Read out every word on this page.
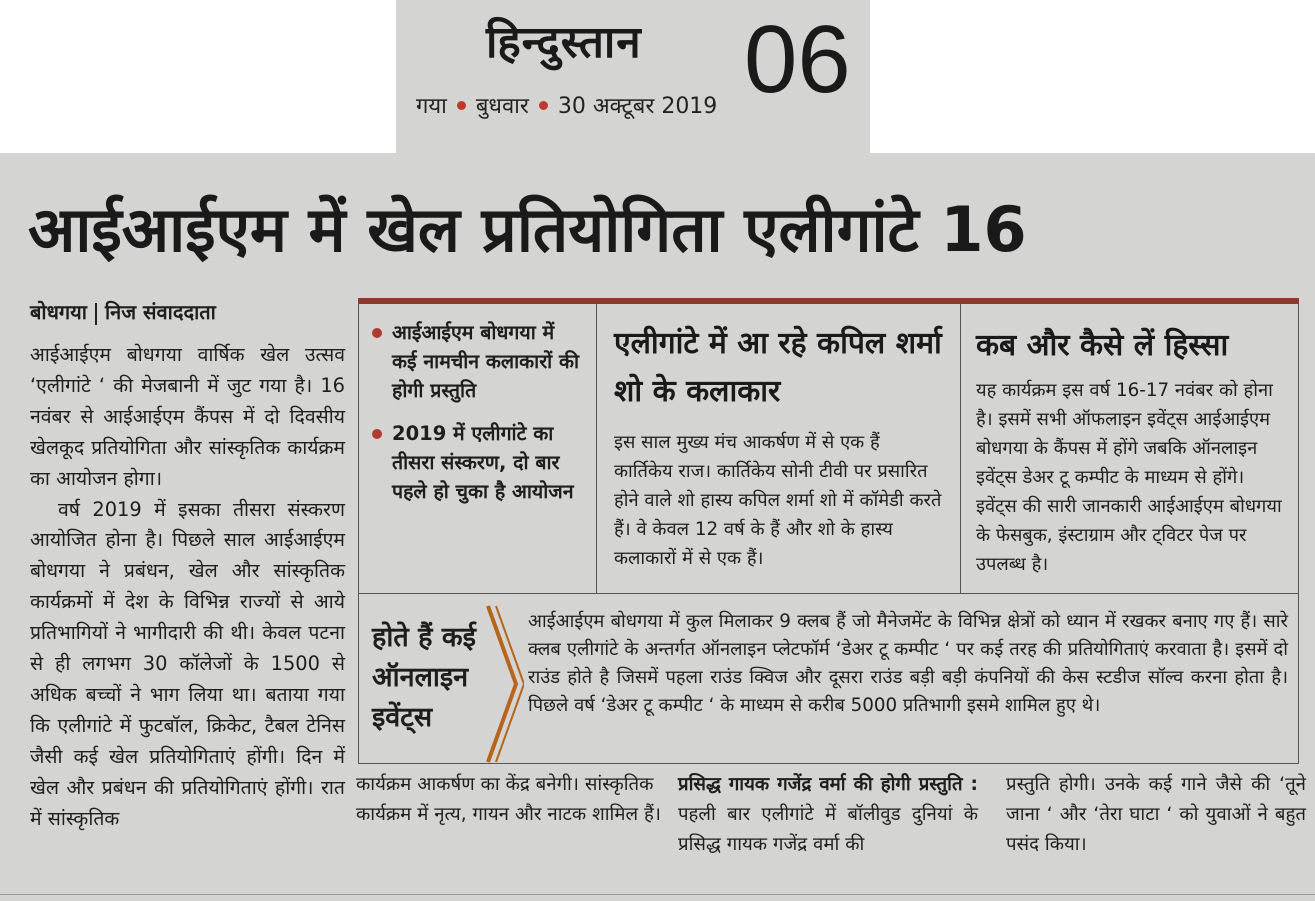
हिन्दुस्तान
गया बुधवार 30 अक्टूबर 2019 06
आईआईएम में खेल प्रतियोगिता एलीगांटे 16
बोधगया निज संवाददाता

आईआईएम बोधगया वार्षिक खेल उत्सव ‘एलीगांटे ‘ की मेजबानी में जुट गया है। 16 नवंबर से आईआईएम कैंपस में दो दिवसीय खेलकूद प्रतियोगिता और सांस्कृतिक कार्यक्रम का आयोजन होगा।

वर्ष 2019 में इसका तीसरा संस्करण आयोजित होना है। पिछले साल आईआईएम बोधगया ने प्रबंधन, खेल और सांस्कृतिक कार्यक्रमों में देश के विभिन्न राज्यों से आये प्रतिभागियों ने भागीदारी की थी। केवल पटना से ही लगभग 30 कॉलेजों के 1500 से अधिक बच्चों ने भाग लिया था। बताया गया कि एलीगांटे में फुटबॉल, क्रिकेट, टैबल टेनिस जैसी कई खेल प्रतियोगिताएं होंगी। दिन में खेल और प्रबंधन की प्रतियोगिताएं होंगी। रात में सांस्कृतिक

आईआईएम बोधगया में कई नामचीन कलाकारों की होगी प्रस्तुति
2019 में एलीगांटे का तीसरा संस्करण, दो बार पहले हो चुका है आयोजन
एलीगांटे में आ रहे कपिल शर्मा शो के कलाकार
इस साल मुख्य मंच आकर्षण में से एक हैं कार्तिकेय राज। कार्तिकेय सोनी टीवी पर प्रसारित होने वाले शो हास्य कपिल शर्मा शो में कॉमेडी करते हैं। वे केवल 12 वर्ष के हैं और शो के हास्य कलाकारों में से एक हैं।
कब और कैसे लें हिस्सा
यह कार्यक्रम इस वर्ष 16-17 नवंबर को होना है। इसमें सभी ऑफलाइन इवेंट्स आईआईएम बोधगया के कैंपस में होंगे जबकि ऑनलाइन इवेंट्स डेअर टू कम्पीट के माध्यम से होंगे। इवेंट्स की सारी जानकारी आईआईएम बोधगया के फेसबुक, इंस्टाग्राम और ट्विटर पेज पर उपलब्ध है।
होते हैं कई ऑनलाइन इवेंट्स
आईआईएम बोधगया में कुल मिलाकर 9 क्लब हैं जो मैनेजमेंट के विभिन्न क्षेत्रों को ध्यान में रखकर बनाए गए हैं। सारे क्लब एलीगांटे के अन्तर्गत ऑनलाइन प्लेटफॉर्म ‘डेअर टू कम्पीट ‘ पर कई तरह की प्रतियोगिताएं करवाता है। इसमें दो राउंड होते है जिसमें पहला राउंड क्विज और दूसरा राउंड बड़ी बड़ी कंपनियों की केस स्टडीज सॉल्व करना होता है। पिछले वर्ष ‘डेअर टू कम्पीट ‘ के माध्यम से करीब 5000 प्रतिभागी इसमे शामिल हुए थे।
कार्यक्रम आकर्षण का केंद्र बनेगी। सांस्कृतिक कार्यक्रम में नृत्य, गायन और नाटक शामिल हैं।
प्रसिद्ध गायक गजेंद्र वर्मा की होगी प्रस्तुति : पहली बार एलीगांटे में बॉलीवुड दुनियां के प्रसिद्ध गायक गजेंद्र वर्मा की
प्रस्तुति होगी। उनके कई गाने जैसे की ‘तूने जाना ‘ और ‘तेरा घाटा ‘ को युवाओं ने बहुत पसंद किया।
